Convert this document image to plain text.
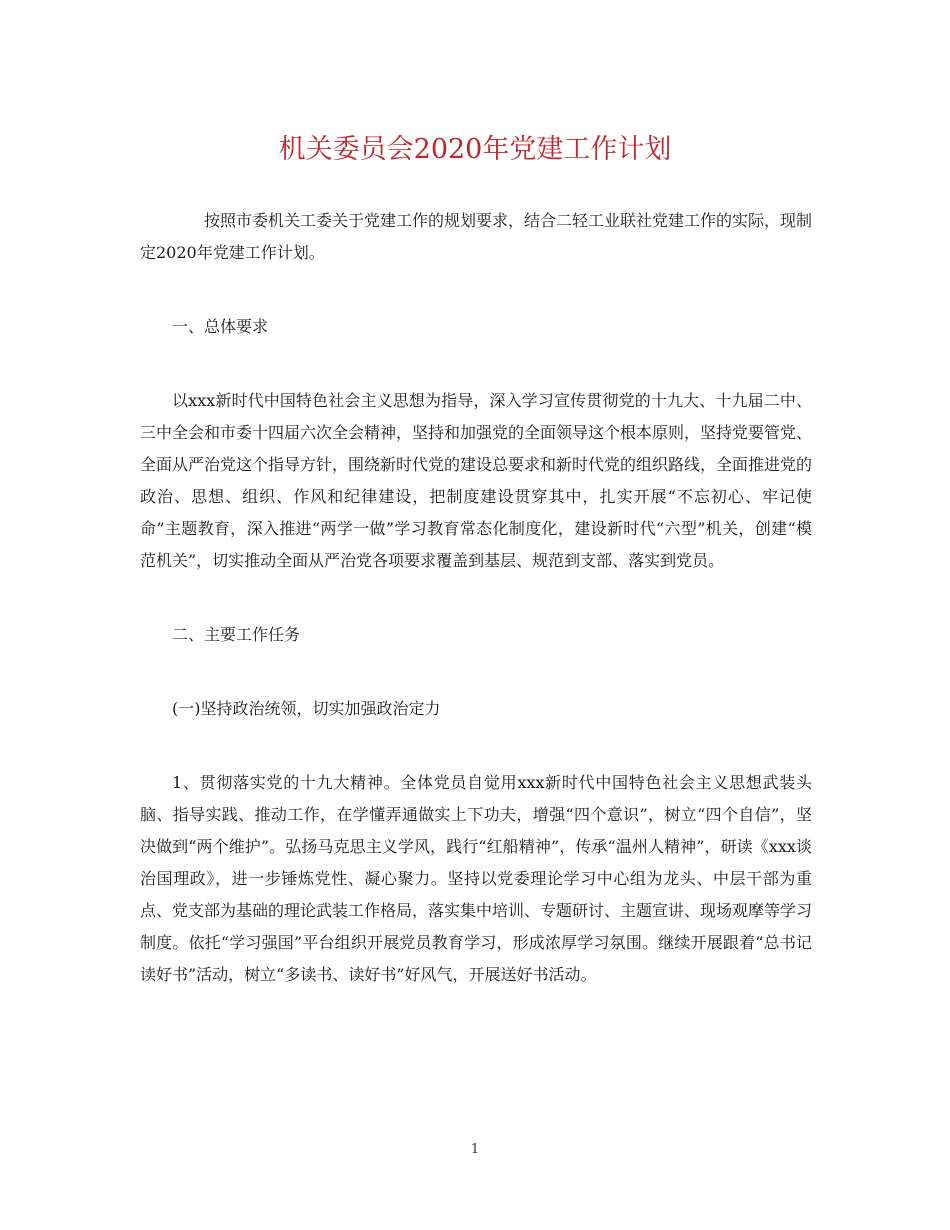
机关委员会2020年党建工作计划

按照市委机关工委关于党建工作的规划要求，结合二轻工业联社党建工作的实际，现制定2020年党建工作计划。

一、总体要求

以xxx新时代中国特色社会主义思想为指导，深入学习宣传贯彻党的十九大、十九届二中、三中全会和市委十四届六次全会精神，坚持和加强党的全面领导这个根本原则，坚持党要管党、全面从严治党这个指导方针，围绕新时代党的建设总要求和新时代党的组织路线，全面推进党的政治、思想、组织、作风和纪律建设，把制度建设贯穿其中，扎实开展“不忘初心、牢记使命”主题教育，深入推进“两学一做”学习教育常态化制度化，建设新时代“六型”机关，创建“模范机关”，切实推动全面从严治党各项要求覆盖到基层、规范到支部、落实到党员。

二、主要工作任务

(一)坚持政治统领，切实加强政治定力

1、贯彻落实党的十九大精神。全体党员自觉用xxx新时代中国特色社会主义思想武装头脑、指导实践、推动工作，在学懂弄通做实上下功夫，增强“四个意识”，树立“四个自信”，坚决做到“两个维护”。弘扬马克思主义学风，践行“红船精神”，传承“温州人精神”，研读《xxx谈治国理政》，进一步锤炼党性、凝心聚力。坚持以党委理论学习中心组为龙头、中层干部为重点、党支部为基础的理论武装工作格局，落实集中培训、专题研讨、主题宣讲、现场观摩等学习制度。依托“学习强国”平台组织开展党员教育学习，形成浓厚学习氛围。继续开展跟着“总书记读好书”活动，树立“多读书、读好书”好风气，开展送好书活动。

1
